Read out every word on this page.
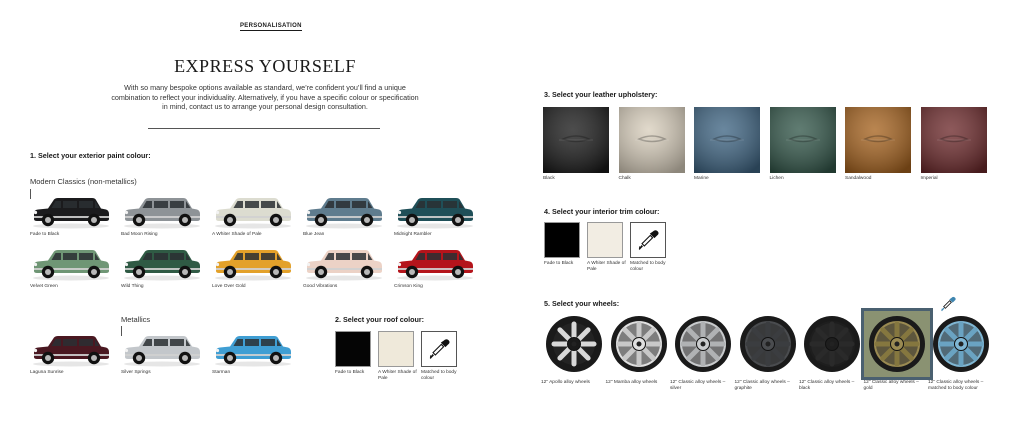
PERSONALISATION
EXPRESS YOURSELF

With so many bespoke options available as standard, we’re confident you’ll find a unique combination to reflect your individuality. Alternatively, if you have a specific colour or specification in mind, contact us to arrange your personal design consultation.

1. Select your exterior paint colour:
Modern Classics (non-metallics)
Fade to Black	Bad Moon Rising	A Whiter Shade of Pale	Blue Jean	Midnight Rambler
Velvet Green	Wild Thing	Love Over Gold	Good Vibrations	Crimson King
Metallics
Laguna Sunrise	Silver Springs	Starman
2. Select your roof colour:
Fade to Black	A Whiter Shade of Pale
Matched to body colour
3. Select your leather upholstery:
Black	Chalk	Marine	Lichen	Sandalwood	Imperial
4. Select your interior trim colour:
Fade to Black	A Whiter Shade of Pale
Matched to body colour
5. Select your wheels:
12" Apollo alloy wheels	12" Mamba alloy wheels	12" Classic alloy wheels – silver
12" Classic alloy wheels – graphite
12" Classic alloy wheels – black
12" Classic alloy wheels – gold
12" Classic alloy wheels – matched to body colour
